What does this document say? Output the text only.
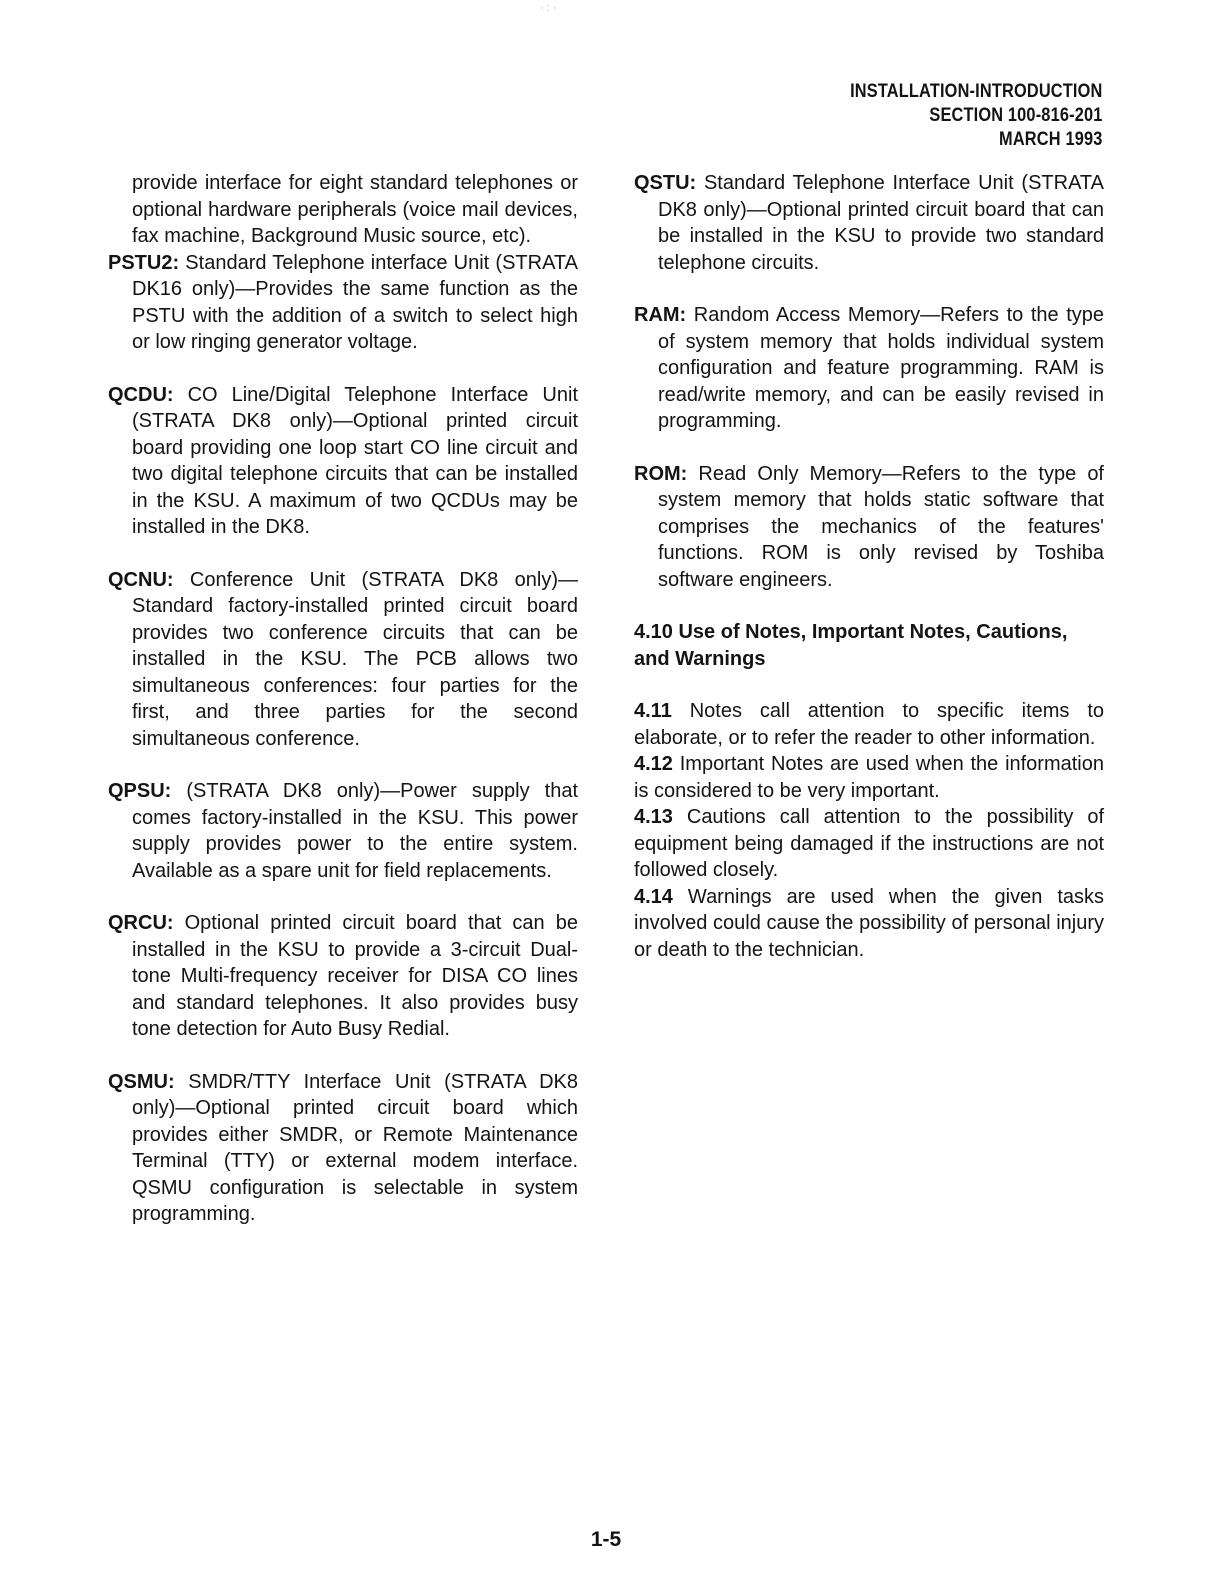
·:·
INSTALLATION-INTRODUCTION
SECTION 100-816-201
MARCH 1993

provide interface for eight standard telephones or optional hardware peripherals (voice mail devices, fax machine, Background Music source, etc).

PSTU2: Standard Telephone interface Unit (STRATA DK16 only)—Provides the same function as the PSTU with the addition of a switch to select high or low ringing generator voltage.

QCDU: CO Line/Digital Telephone Interface Unit (STRATA DK8 only)—Optional printed circuit board providing one loop start CO line circuit and two digital telephone circuits that can be installed in the KSU. A maximum of two QCDUs may be installed in the DK8.

QCNU: Conference Unit (STRATA DK8 only)—Standard factory-installed printed circuit board provides two conference circuits that can be installed in the KSU. The PCB allows two simultaneous conferences: four parties for the first, and three parties for the second simultaneous conference.

QPSU: (STRATA DK8 only)—Power supply that comes factory-installed in the KSU. This power supply provides power to the entire system. Available as a spare unit for field replacements.

QRCU: Optional printed circuit board that can be installed in the KSU to provide a 3-circuit Dual-tone Multi-frequency receiver for DISA CO lines and standard telephones. It also provides busy tone detection for Auto Busy Redial.

QSMU: SMDR/TTY Interface Unit (STRATA DK8 only)—Optional printed circuit board which provides either SMDR, or Remote Maintenance Terminal (TTY) or external modem interface. QSMU configuration is selectable in system programming.

QSTU: Standard Telephone Interface Unit (STRATA DK8 only)—Optional printed circuit board that can be installed in the KSU to provide two standard telephone circuits.

RAM: Random Access Memory—Refers to the type of system memory that holds individual system configuration and feature programming. RAM is read/write memory, and can be easily revised in programming.

ROM: Read Only Memory—Refers to the type of system memory that holds static software that comprises the mechanics of the features' functions. ROM is only revised by Toshiba software engineers.

4.10 Use of Notes, Important Notes, Cautions, and Warnings

4.11 Notes call attention to specific items to elaborate, or to refer the reader to other information.

4.12 Important Notes are used when the information is considered to be very important.

4.13 Cautions call attention to the possibility of equipment being damaged if the instructions are not followed closely.

4.14 Warnings are used when the given tasks involved could cause the possibility of personal injury or death to the technician.

1-5
